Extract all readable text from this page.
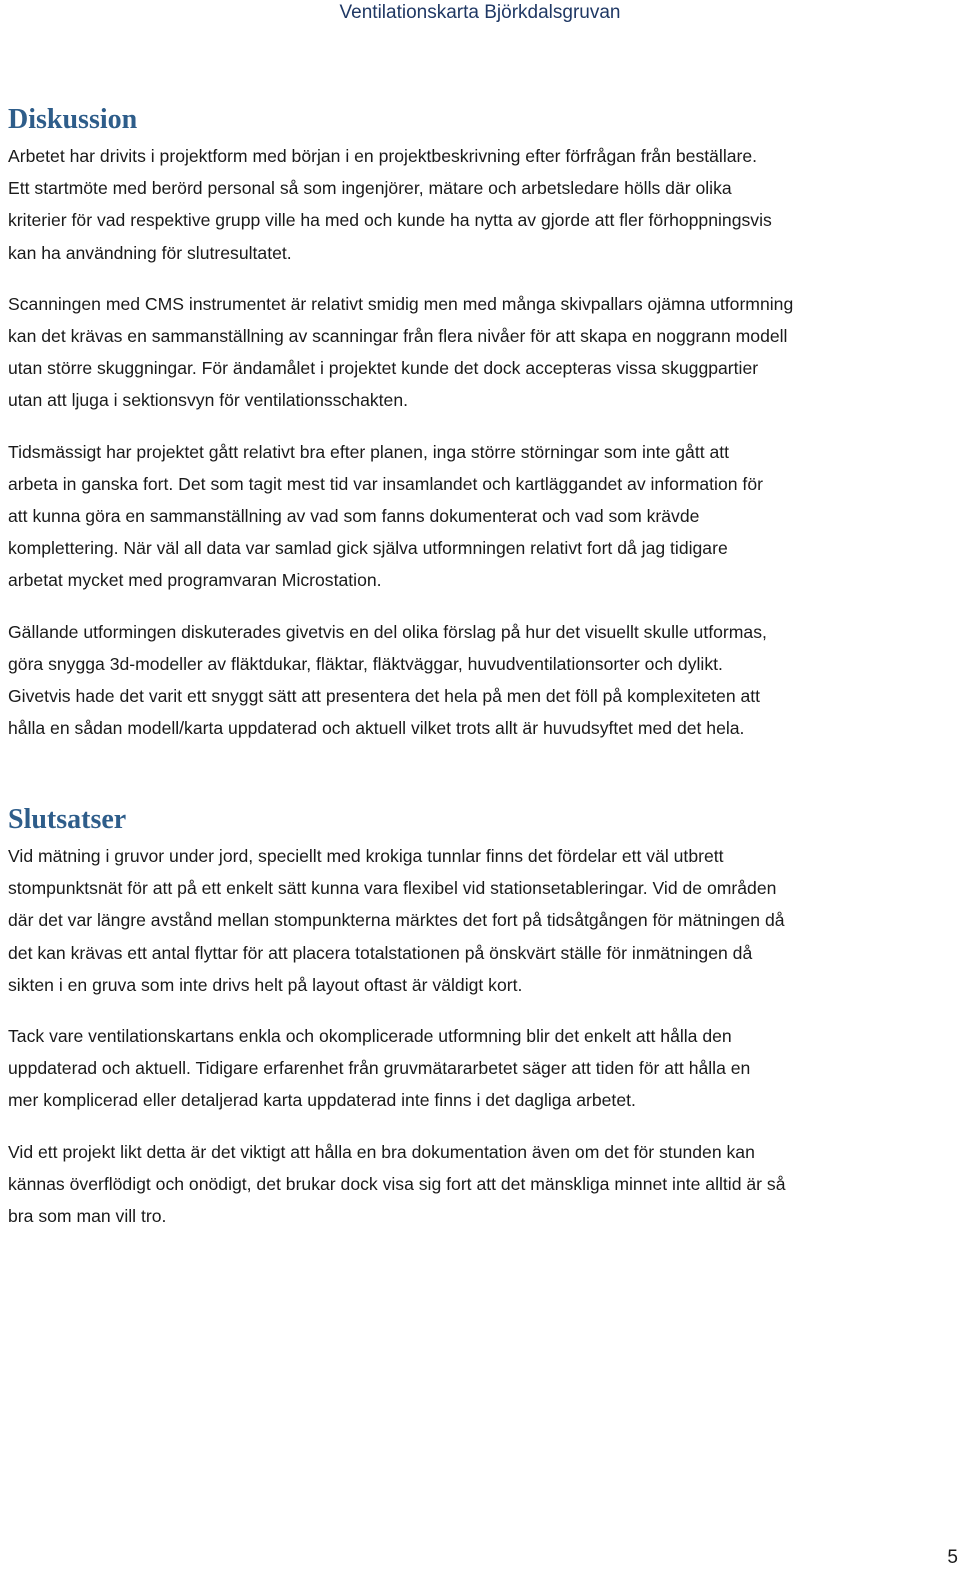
Ventilationskarta Björkdalsgruvan
Diskussion

Arbetet har drivits i projektform med början i en projektbeskrivning efter förfrågan från beställare.
Ett startmöte med berörd personal så som ingenjörer, mätare och arbetsledare hölls där olika
kriterier för vad respektive grupp ville ha med och kunde ha nytta av gjorde att fler förhoppningsvis
kan ha användning för slutresultatet.

Scanningen med CMS instrumentet är relativt smidig men med många skivpallars ojämna utformning
kan det krävas en sammanställning av scanningar från flera nivåer för att skapa en noggrann modell
utan större skuggningar. För ändamålet i projektet kunde det dock accepteras vissa skuggpartier
utan att ljuga i sektionsvyn för ventilationsschakten.

Tidsmässigt har projektet gått relativt bra efter planen, inga större störningar som inte gått att
arbeta in ganska fort. Det som tagit mest tid var insamlandet och kartläggandet av information för
att kunna göra en sammanställning av vad som fanns dokumenterat och vad som krävde
komplettering. När väl all data var samlad gick själva utformningen relativt fort då jag tidigare
arbetat mycket med programvaran Microstation.

Gällande utformingen diskuterades givetvis en del olika förslag på hur det visuellt skulle utformas,
göra snygga 3d-modeller av fläktdukar, fläktar, fläktväggar, huvudventilationsorter och dylikt.
Givetvis hade det varit ett snyggt sätt att presentera det hela på men det föll på komplexiteten att
hålla en sådan modell/karta uppdaterad och aktuell vilket trots allt är huvudsyftet med det hela.

Slutsatser

Vid mätning i gruvor under jord, speciellt med krokiga tunnlar finns det fördelar ett väl utbrett
stompunktsnät för att på ett enkelt sätt kunna vara flexibel vid stationsetableringar. Vid de områden
där det var längre avstånd mellan stompunkterna märktes det fort på tidsåtgången för mätningen då
det kan krävas ett antal flyttar för att placera totalstationen på önskvärt ställe för inmätningen då
sikten i en gruva som inte drivs helt på layout oftast är väldigt kort.

Tack vare ventilationskartans enkla och okomplicerade utformning blir det enkelt att hålla den
uppdaterad och aktuell. Tidigare erfarenhet från gruvmätararbetet säger att tiden för att hålla en
mer komplicerad eller detaljerad karta uppdaterad inte finns i det dagliga arbetet.

Vid ett projekt likt detta är det viktigt att hålla en bra dokumentation även om det för stunden kan
kännas överflödigt och onödigt, det brukar dock visa sig fort att det mänskliga minnet inte alltid är så
bra som man vill tro.

5
